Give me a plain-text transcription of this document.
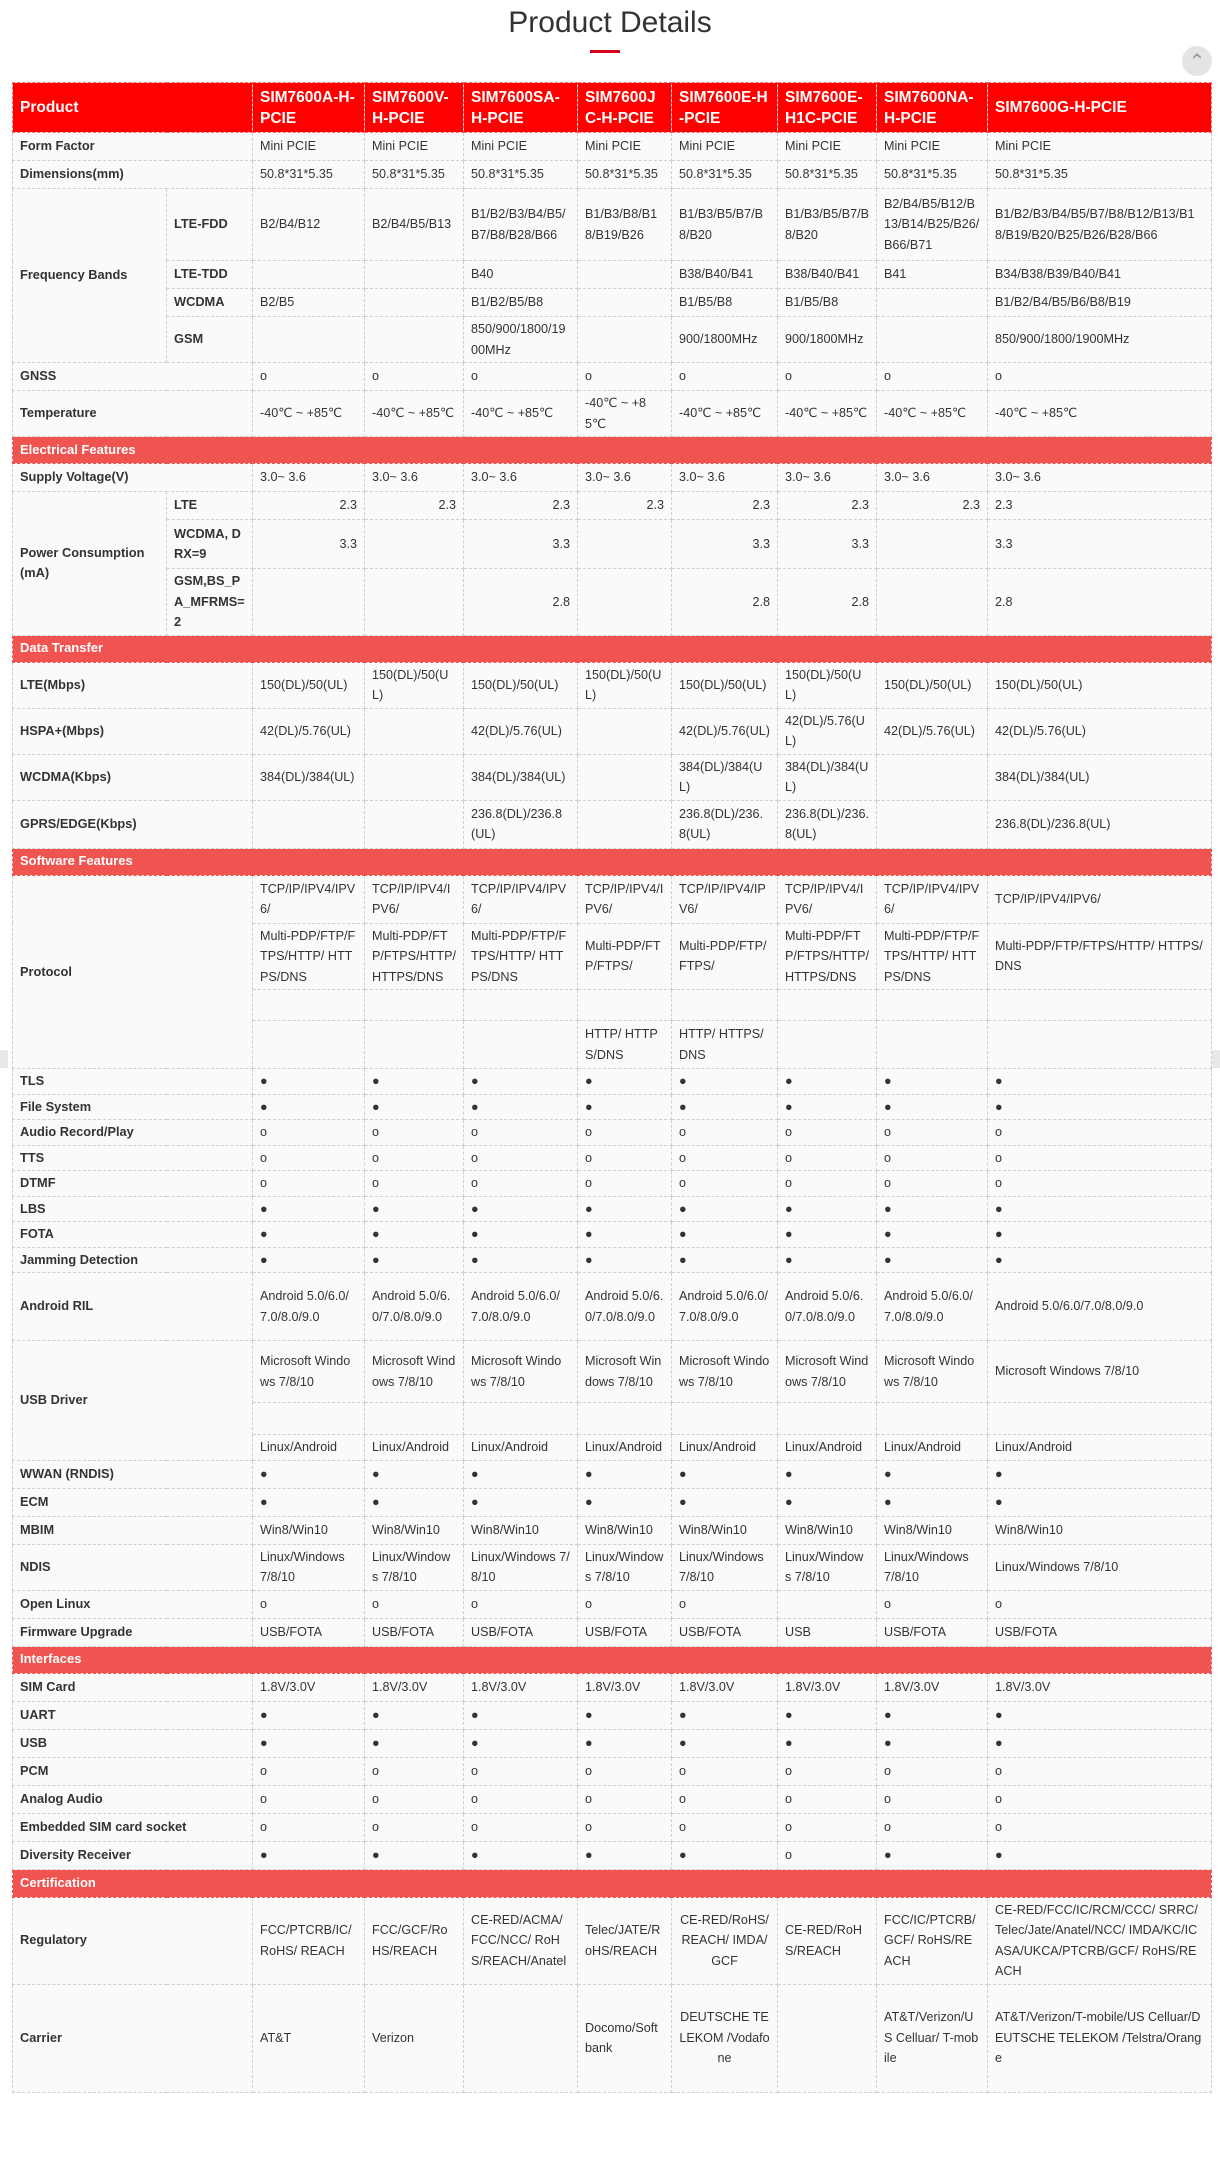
Product Details
⌃
Product		SIM7600A-H-PCIE	SIM7600V-H-PCIE	SIM7600SA-H-PCIE	SIM7600JC-H-PCIE	SIM7600E-H-PCIE	SIM7600E-H1C-PCIE	SIM7600NA-H-PCIE	SIM7600G-H-PCIE
Form Factor		Mini PCIE	Mini PCIE	Mini PCIE	Mini PCIE	Mini PCIE	Mini PCIE	Mini PCIE	Mini PCIE
Dimensions(mm)		50.8*31*5.35	50.8*31*5.35	50.8*31*5.35	50.8*31*5.35	50.8*31*5.35	50.8*31*5.35	50.8*31*5.35	50.8*31*5.35
Frequency Bands	LTE-FDD	B2/B4/B12	B2/B4/B5/B13	B1/B2/B3/B4/B5/B7/B8/B28/B66	B1/B3/B8/B18/B19/B26	B1/B3/B5/B7/B8/B20	B1/B3/B5/B7/B8/B20	B2/B4/B5/B12/B13/B14/B25/B26/B66/B71	B1/B2/B3/B4/B5/B7/B8/B12/B13/B18/B19/B20/B25/B26/B28/B66
	LTE-TDD			B40		B38/B40/B41	B38/B40/B41	B41	B34/B38/B39/B40/B41
	WCDMA	B2/B5		B1/B2/B5/B8		B1/B5/B8	B1/B5/B8		B1/B2/B4/B5/B6/B8/B19
	GSM			850/900/1800/1900MHz		900/1800MHz	900/1800MHz		850/900/1800/1900MHz
GNSS		o	o	o	o	o	o	o	o
Temperature		-40℃ ~ +85℃	-40℃ ~ +85℃	-40℃ ~ +85℃	-40℃ ~ +85℃	-40℃ ~ +85℃	-40℃ ~ +85℃	-40℃ ~ +85℃	-40℃ ~ +85℃
Electrical Features									
Supply Voltage(V)		3.0~ 3.6	3.0~ 3.6	3.0~ 3.6	3.0~ 3.6	3.0~ 3.6	3.0~ 3.6	3.0~ 3.6	3.0~ 3.6
Power Consumption(mA)	LTE	2.3	2.3	2.3	2.3	2.3	2.3	2.3	2.3
	WCDMA, DRX=9	3.3		3.3		3.3	3.3		3.3
	GSM,BS_PA_MFRMS=2			2.8		2.8	2.8		2.8
Data Transfer									
LTE(Mbps)		150(DL)/50(UL)	150(DL)/50(UL)	150(DL)/50(UL)	150(DL)/50(UL)	150(DL)/50(UL)	150(DL)/50(UL)	150(DL)/50(UL)	150(DL)/50(UL)
HSPA+(Mbps)		42(DL)/5.76(UL)		42(DL)/5.76(UL)		42(DL)/5.76(UL)	42(DL)/5.76(UL)	42(DL)/5.76(UL)	42(DL)/5.76(UL)
WCDMA(Kbps)		384(DL)/384(UL)		384(DL)/384(UL)		384(DL)/384(UL)	384(DL)/384(UL)		384(DL)/384(UL)
GPRS/EDGE(Kbps)				236.8(DL)/236.8(UL)		236.8(DL)/236.8(UL)	236.8(DL)/236.8(UL)		236.8(DL)/236.8(UL)
Software Features									
Protocol		TCP/IP/IPV4/IPV6/	TCP/IP/IPV4/IPV6/	TCP/IP/IPV4/IPV6/	TCP/IP/IPV4/IPV6/	TCP/IP/IPV4/IPV6/	TCP/IP/IPV4/IPV6/	TCP/IP/IPV4/IPV6/	TCP/IP/IPV4/IPV6/
		Multi-PDP/FTP/FTPS/HTTP/ HTTPS/DNS	Multi-PDP/FTP/FTPS/HTTP/ HTTPS/DNS	Multi-PDP/FTP/FTPS/HTTP/ HTTPS/DNS	Multi-PDP/FTP/FTPS/	Multi-PDP/FTP/FTPS/	Multi-PDP/FTP/FTPS/HTTP/ HTTPS/DNS	Multi-PDP/FTP/FTPS/HTTP/ HTTPS/DNS	Multi-PDP/FTP/FTPS/HTTP/ HTTPS/DNS

					HTTP/ HTTPS/DNS	HTTP/ HTTPS/DNS			
TLS		●	●	●	●	●	●	●	●
File System		●	●	●	●	●	●	●	●
Audio Record/Play		o	o	o	o	o	o	o	o
TTS		o	o	o	o	o	o	o	o
DTMF		o	o	o	o	o	o	o	o
LBS		●	●	●	●	●	●	●	●
FOTA		●	●	●	●	●	●	●	●
Jamming Detection		●	●	●	●	●	●	●	●
Android RIL		Android 5.0/6.0/7.0/8.0/9.0	Android 5.0/6.0/7.0/8.0/9.0	Android 5.0/6.0/7.0/8.0/9.0	Android 5.0/6.0/7.0/8.0/9.0	Android 5.0/6.0/7.0/8.0/9.0	Android 5.0/6.0/7.0/8.0/9.0	Android 5.0/6.0/7.0/8.0/9.0	Android 5.0/6.0/7.0/8.0/9.0
USB Driver		Microsoft Windows 7/8/10	Microsoft Windows 7/8/10	Microsoft Windows 7/8/10	Microsoft Windows 7/8/10	Microsoft Windows 7/8/10	Microsoft Windows 7/8/10	Microsoft Windows 7/8/10	Microsoft Windows 7/8/10

		Linux/Android	Linux/Android	Linux/Android	Linux/Android	Linux/Android	Linux/Android	Linux/Android	Linux/Android
WWAN (RNDIS)		●	●	●	●	●	●	●	●
ECM		●	●	●	●	●	●	●	●
MBIM		Win8/Win10	Win8/Win10	Win8/Win10	Win8/Win10	Win8/Win10	Win8/Win10	Win8/Win10	Win8/Win10
NDIS		Linux/Windows 7/8/10	Linux/Windows 7/8/10	Linux/Windows 7/8/10	Linux/Windows 7/8/10	Linux/Windows 7/8/10	Linux/Windows 7/8/10	Linux/Windows 7/8/10	Linux/Windows 7/8/10
Open Linux		o	o	o	o	o		o	o
Firmware Upgrade		USB/FOTA	USB/FOTA	USB/FOTA	USB/FOTA	USB/FOTA	USB	USB/FOTA	USB/FOTA
Interfaces									
SIM Card		1.8V/3.0V	1.8V/3.0V	1.8V/3.0V	1.8V/3.0V	1.8V/3.0V	1.8V/3.0V	1.8V/3.0V	1.8V/3.0V
UART		●	●	●	●	●	●	●	●
USB		●	●	●	●	●	●	●	●
PCM		o	o	o	o	o	o	o	o
Analog Audio		o	o	o	o	o	o	o	o
Embedded SIM card socket		o	o	o	o	o	o	o	o
Diversity Receiver		●	●	●	●	●	o	●	●
Certification									
Regulatory		FCC/PTCRB/IC/RoHS/ REACH	FCC/GCF/RoHS/REACH	CE-RED/ACMA/FCC/NCC/ RoHS/REACH/Anatel	Telec/JATE/RoHS/REACH	CE-RED/RoHS/REACH/ IMDA/GCF	CE-RED/RoHS/REACH	FCC/IC/PTCRB/GCF/ RoHS/REACH	CE-RED/FCC/IC/RCM/CCC/ SRRC/Telec/Jate/Anatel/NCC/ IMDA/KC/ICASA/UKCA/PTCRB/GCF/ RoHS/REACH
Carrier		AT&T	Verizon		Docomo/Softbank	DEUTSCHE TELEKOM /Vodafone		AT&T/Verizon/US Celluar/ T-mobile	AT&T/Verizon/T-mobile/US Celluar/DEUTSCHE TELEKOM /Telstra/Orange
